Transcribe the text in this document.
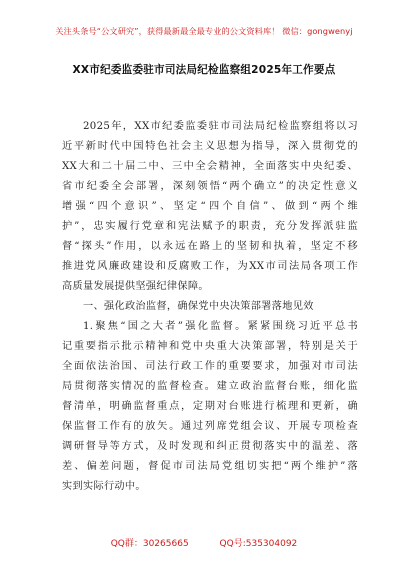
关注头条号“公文研究”，获得最新最全最专业的公文资料库！ 微信：gongwenyj
XX市纪委监委驻市司法局纪检监察组2025年工作要点
2025年，XX市纪委监委驻市司法局纪检监察组将以习
近平新时代中国特色社会主义思想为指导，深入贯彻党的
XX大和二十届二中、三中全会精神，全面落实中央纪委、
省市纪委全会部署，深刻领悟“两个确立”的决定性意义
增强“四个意识”、坚定“四个自信”、做到“两个维
护”，忠实履行党章和宪法赋予的职责，充分发挥派驻监
督“探头”作用，以永远在路上的坚韧和执着，坚定不移
推进党风廉政建设和反腐败工作，为XX市司法局各项工作
高质量发展提供坚强纪律保障。
一、强化政治监督，确保党中央决策部署落地见效
1.聚焦“国之大者”强化监督。紧紧围绕习近平总书
记重要指示批示精神和党中央重大决策部署，特别是关于
全面依法治国、司法行政工作的重要要求，加强对市司法
局贯彻落实情况的监督检查。建立政治监督台账，细化监
督清单，明确监督重点，定期对台账进行梳理和更新，确
保监督工作有的放矢。通过列席党组会议、开展专项检查
调研督导等方式，及时发现和纠正贯彻落实中的温差、落
差、偏差问题，督促市司法局党组切实把“两个维护”落
实到实际行动中。
QQ群：30265665	QQ号:535304092
